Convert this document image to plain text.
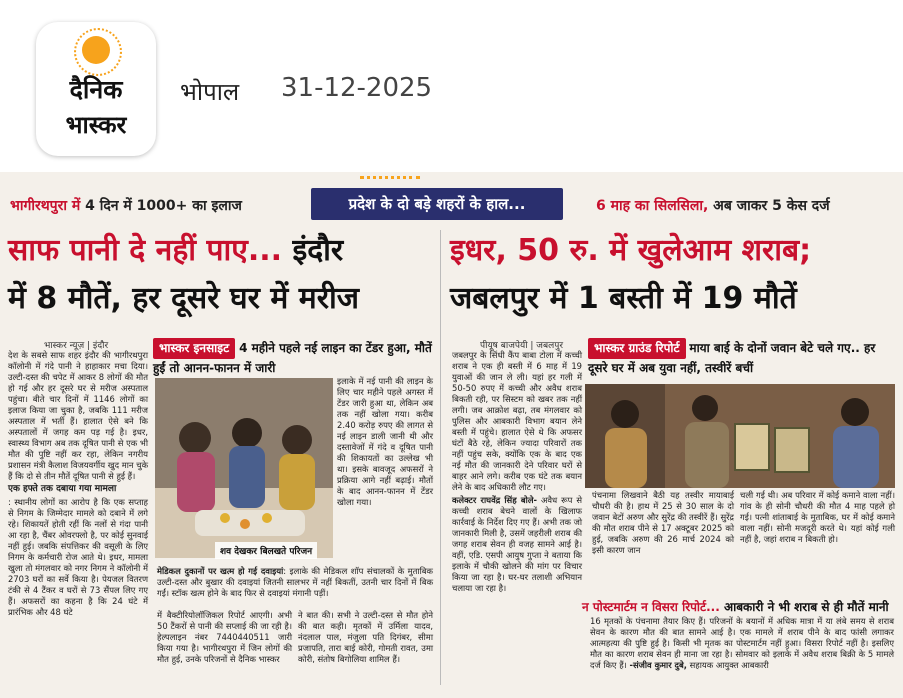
दैनिक
भास्कर
भोपाल 31-12-2025
भागीरथपुरा में 4 दिन में 1000+ का इलाज	प्रदेश के दो बड़े शहरों के हाल...	6 माह का सिलसिला, अब जाकर 5 केस दर्ज
साफ पानी दे नहीं पाए... इंदौर
में 8 मौतें, हर दूसरे घर में मरीज
इधर, 50 रु. में खुलेआम शराब;
जबलपुर में 1 बस्ती में 19 मौतें
भास्कर न्यूज़ | इंदौर

देश के सबसे साफ शहर इंदौर की भागीरथपुरा कॉलोनी में गंदे पानी ने हाहाकार मचा दिया। उल्टी-दस्त की चपेट में आकर 8 लोगों की मौत हो गई और हर दूसरे घर से मरीज अस्पताल पहुंचा। बीते चार दिनों में 1146 लोगों का इलाज किया जा चुका है, जबकि 111 मरीज अस्पताल में भर्ती हैं। हालात ऐसे बने कि अस्पतालों में जगह कम पड़ गई है। इधर, स्वास्थ्य विभाग अब तक दूषित पानी से एक भी मौत की पुष्टि नहीं कर रहा, लेकिन नगरीय प्रशासन मंत्री कैलाश विजयवर्गीय खुद मान चुके हैं कि दो से तीन मौतें दूषित पानी से हुई हैं।

एक हफ्ते तक दबाया गया मामला

: स्थानीय लोगों का आरोप है कि एक सप्ताह से निगम के जिम्मेदार मामले को दबाने में लगे रहे। शिकायतें होती रहीं कि नलों से गंदा पानी आ रहा है, चैंबर ओवरफ्लो है, पर कोई सुनवाई नहीं हुई। जबकि संपत्तिकर की वसूली के लिए निगम के कर्मचारी रोज आते थे। इधर, मामला खुला तो मंगलवार को नगर निगम ने कॉलोनी में 2703 घरों का सर्वे किया है। पेयजल वितरण टंकी से 4 टैंकर व घरों से 73 सैंपल लिए गए हैं। अफसरों का कहना है कि 24 घंटे में प्रारंभिक और 48 घंटे

भास्कर इनसाइट 4 महीने पहले नई लाइन का टेंडर हुआ, मौतें हुईं तो आनन-फानन में जारी
शव देखकर बिलखते परिजन
इलाके में नई पानी की लाइन के लिए चार महीने पहले अगस्त में टेंडर जारी हुआ था, लेकिन अब तक नहीं खोला गया। करीब 2.40 करोड़ रुपए की लागत से नई लाइन डाली जानी थी और दस्तावेजों में गंदे व दूषित पानी की शिकायतों का उल्लेख भी था। इसके बावजूद अफसरों ने प्रक्रिया आगे नहीं बढ़ाई। मौतों के बाद आनन-फानन में टेंडर खोला गया।
मेडिकल दुकानों पर खत्म हो गई दवाइयां: इलाके की मेडिकल शॉप संचालकों के मुताबिक उल्टी-दस्त और बुखार की दवाइयां जितनी सालभर में नहीं बिकतीं, उतनी चार दिनों में बिक गईं। स्टॉक खत्म होने के बाद फिर से दवाइयां मंगानी पड़ीं।
में बैक्टीरियोलॉजिकल रिपोर्ट आएगी। अभी 50 टैंकरों से पानी की सप्लाई की जा रही है। हेल्पलाइन नंबर 7440440511 जारी किया गया है। भागीरथपुरा में जिन लोगों की मौत हुई, उनके परिजनों से दैनिक भास्कर
ने बात की। सभी ने उल्टी-दस्त से मौत होने की बात कही। मृतकों में उर्मिला यादव, नंदलाल पाल, मंजुला पति दिगंबर, सीमा प्रजापति, तारा बाई कोरी, गोमती रावत, उमा कोरी, संतोष बिगोलिया शामिल हैं।
पीयूष बाजपेयी | जबलपुर

जबलपुर के सिंधी कैंप बाबा टोला में कच्ची शराब ने एक ही बस्ती में 6 माह में 19 युवाओं की जान ले ली। यहां हर गली में 50-50 रुपए में कच्ची और अवैध शराब बिकती रही, पर सिस्टम को खबर तक नहीं लगी। जब आक्रोश बढ़ा, तब मंगलवार को पुलिस और आबकारी विभाग बयान लेने बस्ती में पहुंचे। हालात ऐसे थे कि अफसर घंटों बैठे रहे, लेकिन ज्यादा परिवारों तक नहीं पहुंच सके, क्योंकि एक के बाद एक नई मौत की जानकारी देने परिवार घरों से बाहर आने लगे। करीब एक घंटे तक बयान लेने के बाद अधिकारी लौट गए।

कलेक्टर राघवेंद्र सिंह बोले- अवैध रूप से कच्ची शराब बेचने वालों के खिलाफ कार्रवाई के निर्देश दिए गए हैं। अभी तक जो जानकारी मिली है, उसमें जहरीली शराब की जगह शराब सेवन ही वजह सामने आई है। वहीं, एडि. एसपी आयुष गुप्ता ने बताया कि इलाके में चौकी खोलने की मांग पर विचार किया जा रहा है। घर-घर तलाशी अभियान चलाया जा रहा है।

भास्कर ग्राउंड रिपोर्ट माया बाई के दोनों जवान बेटे चले गए.. हर दूसरे घर में अब युवा नहीं, तस्वीरें बचीं
पंचनामा लिखवाने बैठी यह तस्वीर मायाबाई चौधरी की है। हाथ में 25 से 30 साल के दो जवान बेटों अरुण और सुरेंद्र की तस्वीरें हैं। सुरेंद्र की मौत शराब पीने से 17 अक्टूबर 2025 को हुई, जबकि अरुण की 26 मार्च 2024 को इसी कारण जान
चली गई थी। अब परिवार में कोई कमाने वाला नहीं। गांव के ही सोनी चौधरी की मौत 4 माह पहले हो गई। पत्नी शांताबाई के मुताबिक, घर में कोई कमाने वाला नहीं। सोनी मजदूरी करते थे। यहां कोई गली नहीं है, जहां शराब न बिकती हो।
न पोस्टमार्टम न विसरा रिपोर्ट... आबकारी ने भी शराब से ही मौतें मानी
16 मृतकों के पंचनामा तैयार किए हैं। परिजनों के बयानों में अधिक मात्रा में या लंबे समय से शराब सेवन के कारण मौत की बात सामने आई है। एक मामले में शराब पीने के बाद फांसी लगाकर आत्महत्या की पुष्टि हुई है। किसी भी मृतक का पोस्टमार्टम नहीं हुआ। विसरा रिपोर्ट नहीं है। इसलिए मौत का कारण शराब सेवन ही माना जा रहा है। सोमवार को इलाके में अवैध शराब बिक्री के 5 मामले दर्ज किए हैं। -संजीव कुमार दुबे, सहायक आयुक्त आबकारी
